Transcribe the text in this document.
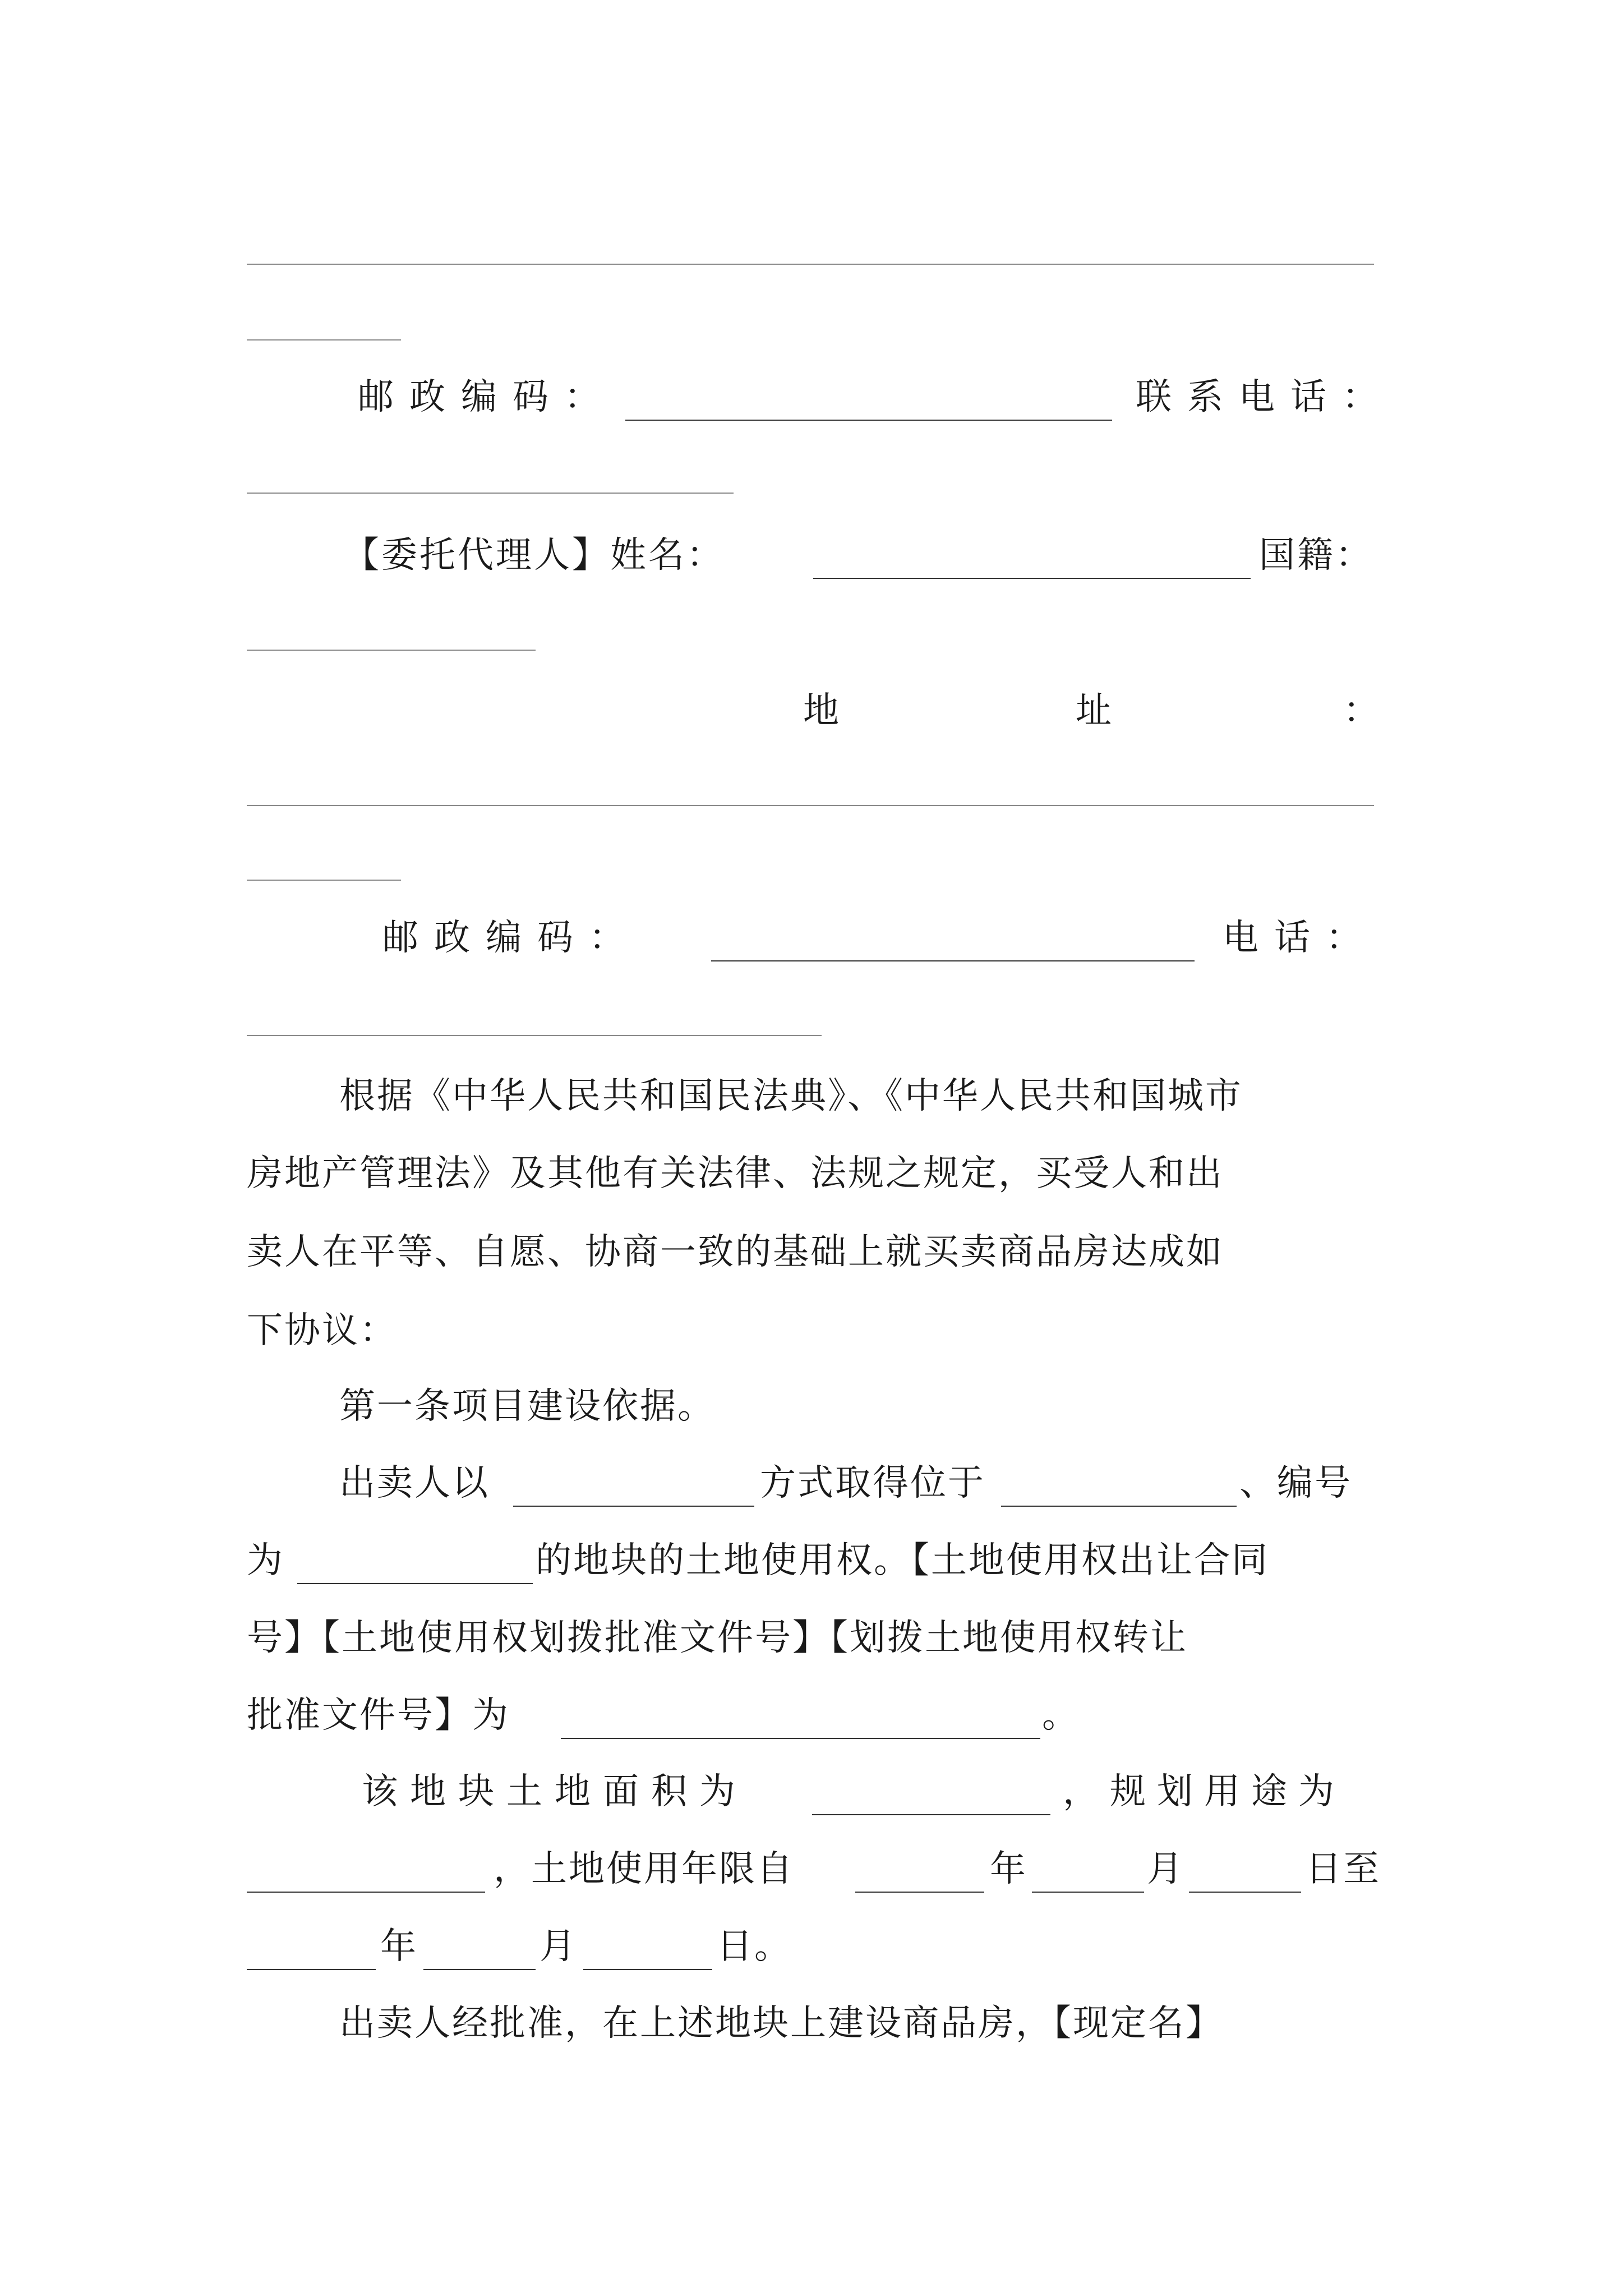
邮政编码：	联系电话：
【委托代理人】姓名：	国籍：
地	址	：
邮政编码：	电话：
根据《中华人民共和国民法典》、《中华人民共和国城市
房地产管理法》及其他有关法律、法规之规定，买受人和出
卖人在平等、自愿、协商一致的基础上就买卖商品房达成如
下协议：
第一条项目建设依据。
出卖人以	方式取得位于	、编号
为	的地块的土地使用权。【土地使用权出让合同
号】【土地使用权划拨批准文件号】【划拨土地使用权转让
批准文件号】为	。
该地块土地面积为	，规划用途为
，土地使用年限自	年	月	日至
年	月	日。
出卖人经批准，在上述地块上建设商品房，【现定名】
